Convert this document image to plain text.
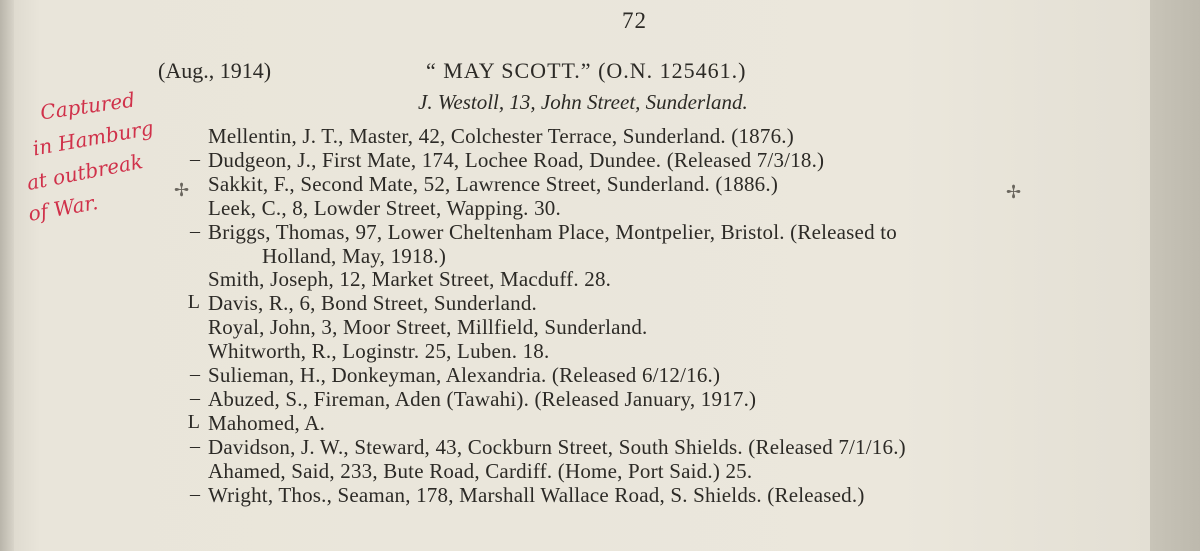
72
(Aug., 1914)	“ MAY SCOTT.” (O.N. 125461.)
J. Westoll, 13, John Street, Sunderland.
Captured
in Hamburg
at outbreak
of War.
Mellentin, J. T., Master, 42, Colchester Terrace, Sunderland. (1876.)
– Dudgeon, J., First Mate, 174, Lochee Road, Dundee. (Released 7/3/18.)
Sakkit, F., Second Mate, 52, Lawrence Street, Sunderland. (1886.)
Leek, C., 8, Lowder Street, Wapping. 30.
– Briggs, Thomas, 97, Lower Cheltenham Place, Montpelier, Bristol. (Released to
Holland, May, 1918.)
Smith, Joseph, 12, Market Street, Macduff. 28.
L Davis, R., 6, Bond Street, Sunderland.
Royal, John, 3, Moor Street, Millfield, Sunderland.
Whitworth, R., Loginstr. 25, Luben. 18.
– Sulieman, H., Donkeyman, Alexandria. (Released 6/12/16.)
– Abuzed, S., Fireman, Aden (Tawahi). (Released January, 1917.)
L Mahomed, A.
– Davidson, J. W., Steward, 43, Cockburn Street, South Shields. (Released 7/1/16.)
Ahamed, Said, 233, Bute Road, Cardiff. (Home, Port Said.) 25.
– Wright, Thos., Seaman, 178, Marshall Wallace Road, S. Shields. (Released.)
✢	✢
